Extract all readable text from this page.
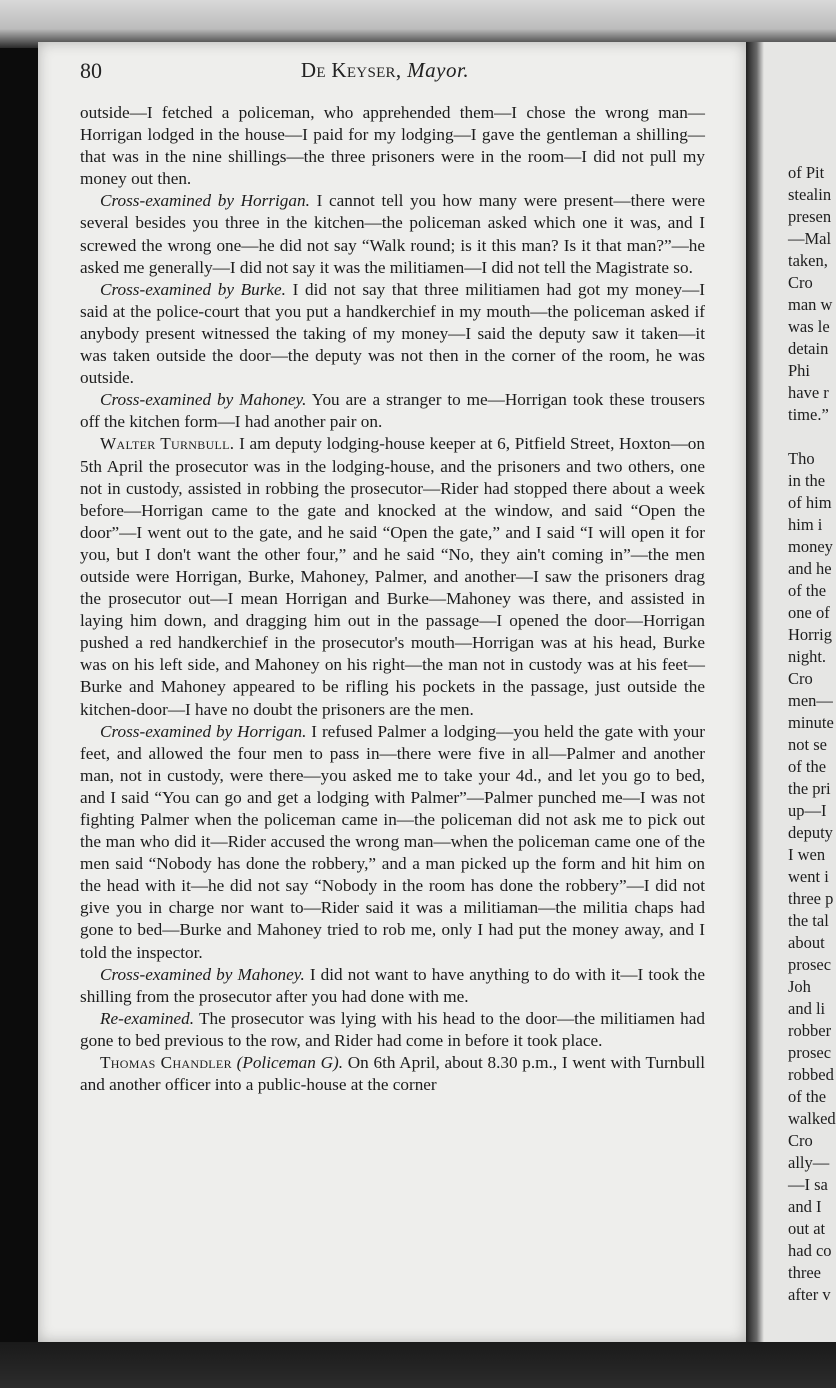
80	De Keyser, Mayor.

outside—I fetched a policeman, who apprehended them—I chose the wrong man—Horrigan lodged in the house—I paid for my lodging—I gave the gentleman a shilling—that was in the nine shillings—the three prisoners were in the room—I did not pull my money out then.

Cross-examined by Horrigan. I cannot tell you how many were present—there were several besides you three in the kitchen—the policeman asked which one it was, and I screwed the wrong one—he did not say “Walk round; is it this man? Is it that man?”—he asked me generally—I did not say it was the militiamen—I did not tell the Magistrate so.

Cross-examined by Burke. I did not say that three militiamen had got my money—I said at the police-court that you put a handkerchief in my mouth—the policeman asked if anybody present witnessed the taking of my money—I said the deputy saw it taken—it was taken outside the door—the deputy was not then in the corner of the room, he was outside.

Cross-examined by Mahoney. You are a stranger to me—Horrigan took these trousers off the kitchen form—I had another pair on.

Walter Turnbull. I am deputy lodging-house keeper at 6, Pitfield Street, Hoxton—on 5th April the prosecutor was in the lodging-house, and the prisoners and two others, one not in custody, assisted in robbing the prosecutor—Rider had stopped there about a week before—Horrigan came to the gate and knocked at the window, and said “Open the door”—I went out to the gate, and he said “Open the gate,” and I said “I will open it for you, but I don't want the other four,” and he said “No, they ain't coming in”—the men outside were Horrigan, Burke, Mahoney, Palmer, and another—I saw the prisoners drag the prosecutor out—I mean Horrigan and Burke—Mahoney was there, and assisted in laying him down, and dragging him out in the passage—I opened the door—Horrigan pushed a red handkerchief in the prosecutor's mouth—Horrigan was at his head, Burke was on his left side, and Mahoney on his right—the man not in custody was at his feet—Burke and Mahoney appeared to be rifling his pockets in the passage, just outside the kitchen-door—I have no doubt the prisoners are the men.

Cross-examined by Horrigan. I refused Palmer a lodging—you held the gate with your feet, and allowed the four men to pass in—there were five in all—Palmer and another man, not in custody, were there—you asked me to take your 4d., and let you go to bed, and I said “You can go and get a lodging with Palmer”—Palmer punched me—I was not fighting Palmer when the policeman came in—the policeman did not ask me to pick out the man who did it—Rider accused the wrong man—when the policeman came one of the men said “Nobody has done the robbery,” and a man picked up the form and hit him on the head with it—he did not say “Nobody in the room has done the robbery”—I did not give you in charge nor want to—Rider said it was a militiaman—the militia chaps had gone to bed—Burke and Mahoney tried to rob me, only I had put the money away, and I told the inspector.

Cross-examined by Mahoney. I did not want to have anything to do with it—I took the shilling from the prosecutor after you had done with me.

Re-examined. The prosecutor was lying with his head to the door—the militiamen had gone to bed previous to the row, and Rider had come in before it took place.

Thomas Chandler (Policeman G). On 6th April, about 8.30 p.m., I went with Turnbull and another officer into a public-house at the corner

of Pit
stealin
presen
—Mal
taken,
Cro
man w
was le
detain
Phi
have r
time.”
Tho
in the
of him
him i
money
and he
of the
one of
Horrig
night.
Cro
men—
minute
not se
of the
the pri
up—I
deputy
I wen
went i
three p
the tal
about
prosec
Joh
and li
robber
prosec
robbed
of the
walked
Cro
ally—
—I sa
and I
out at
had co
three
after v
